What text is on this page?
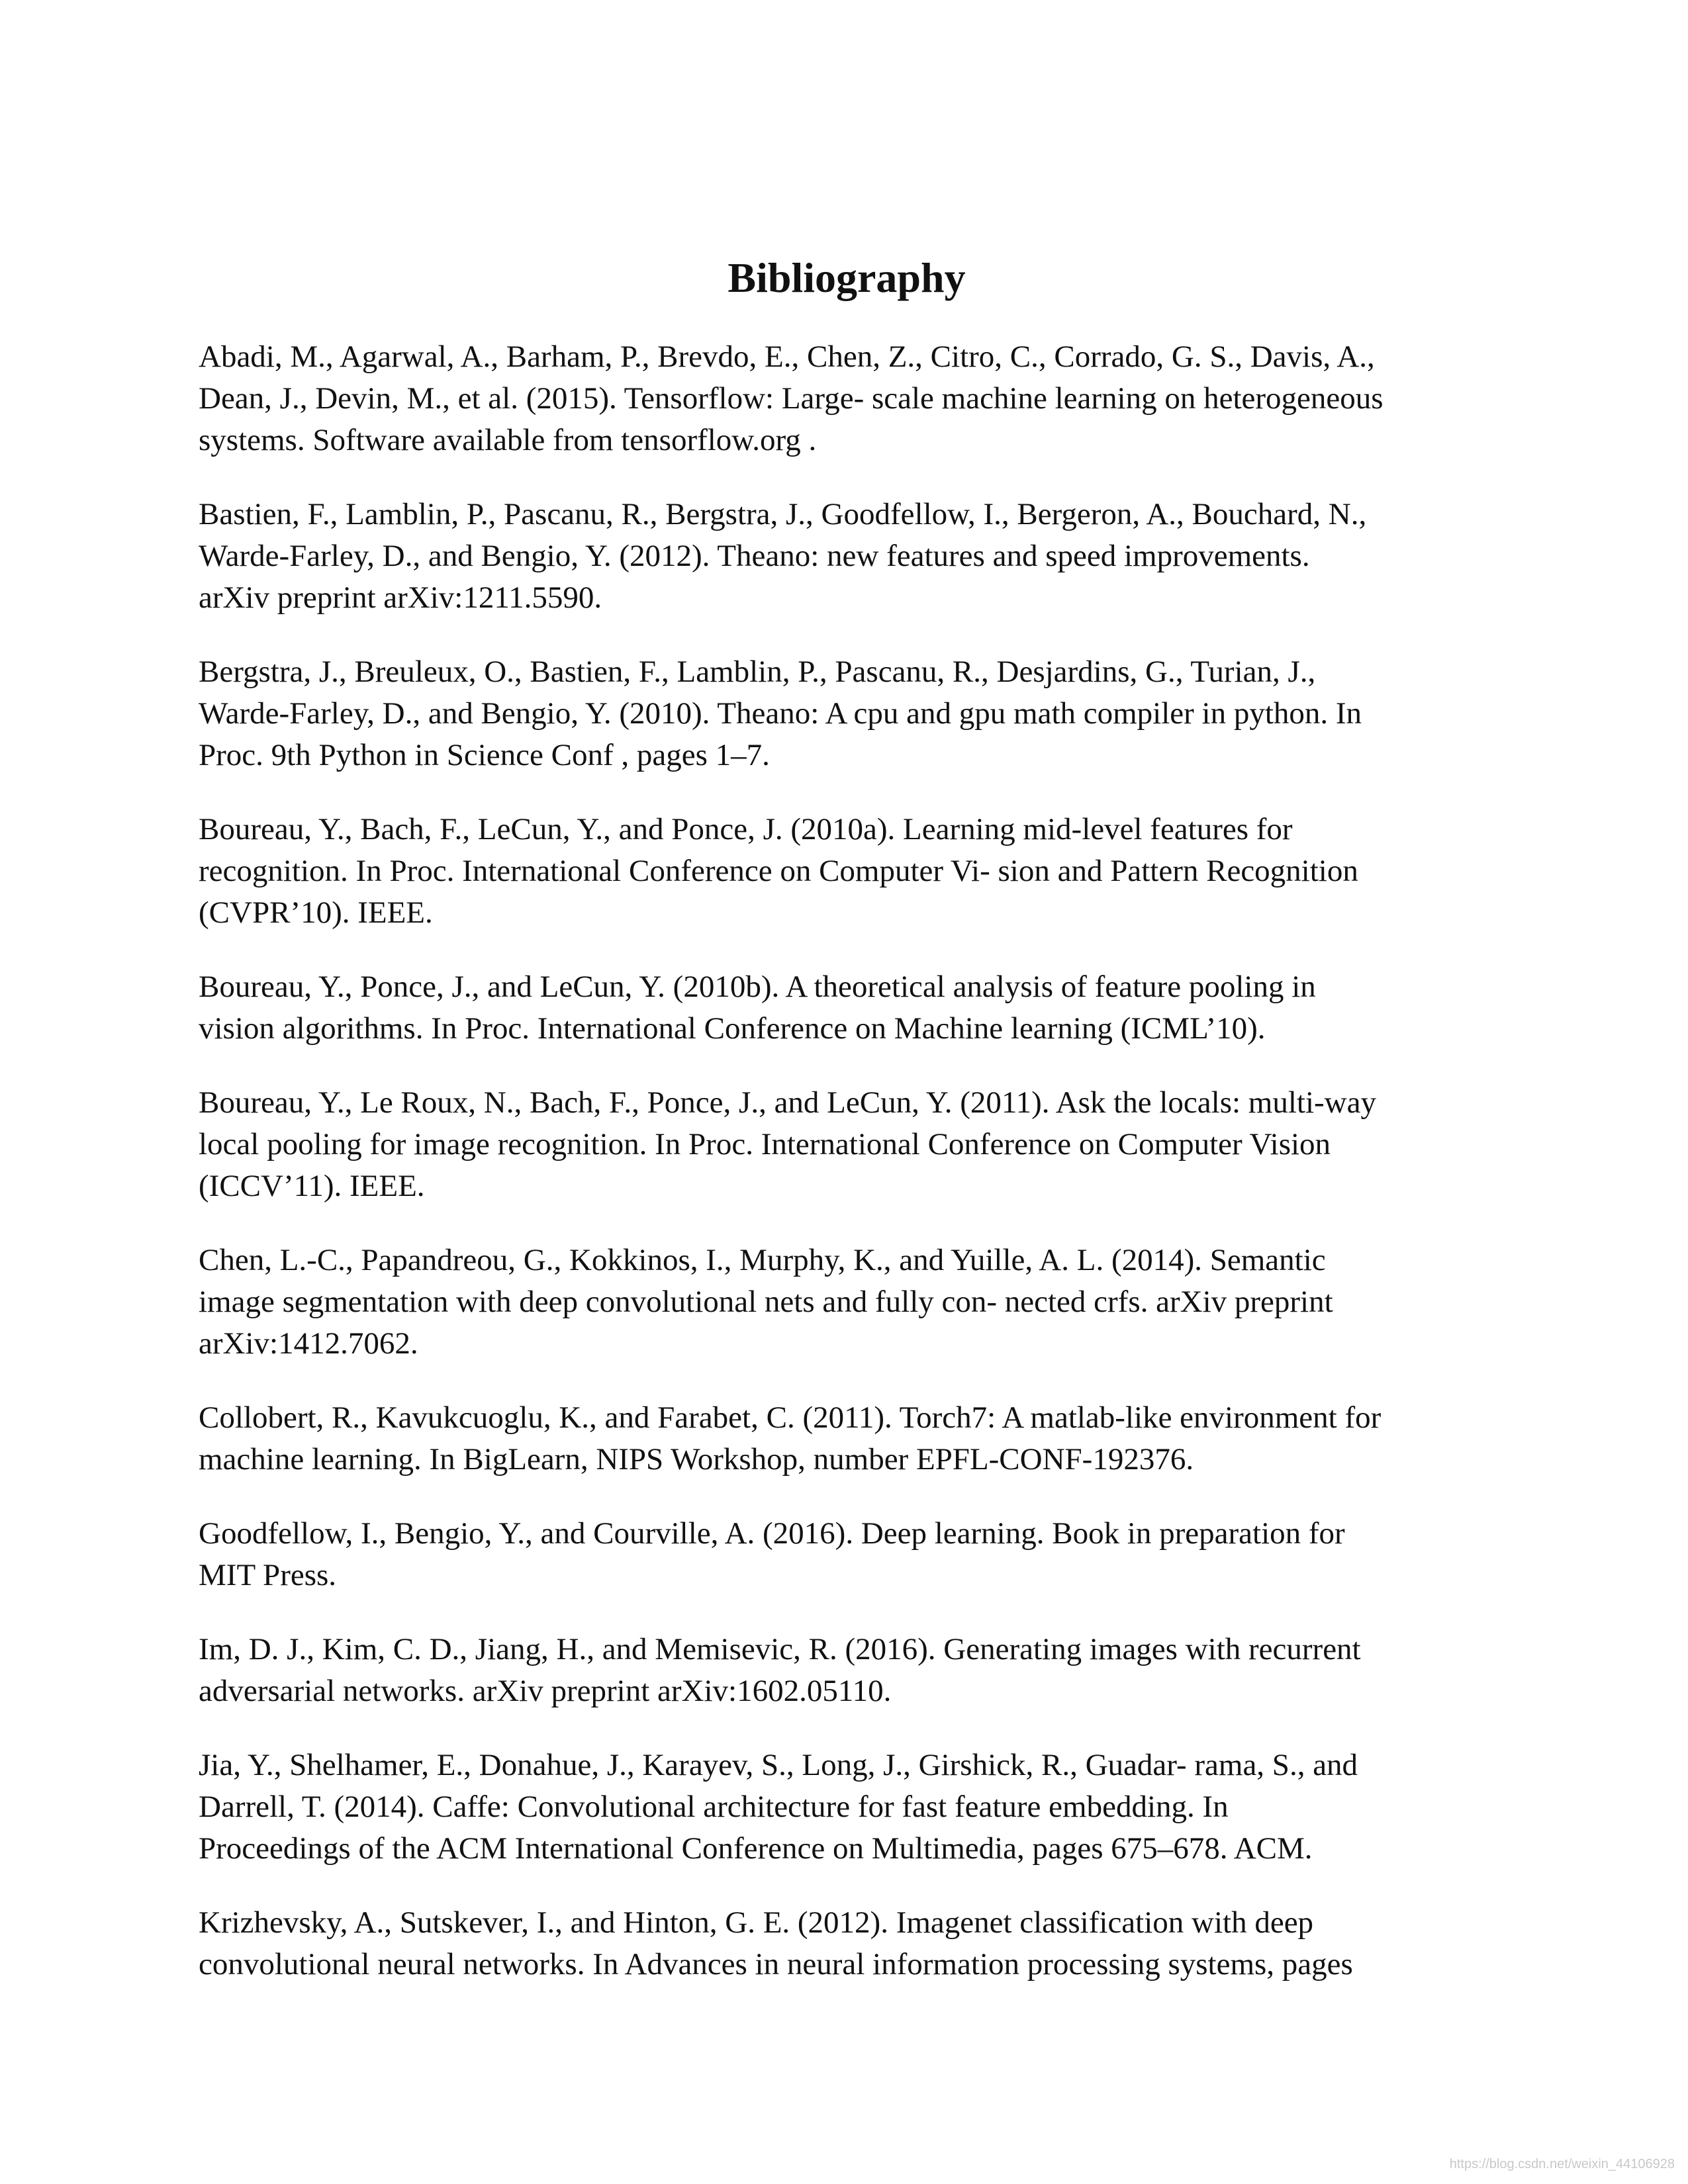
Bibliography
Abadi, M., Agarwal, A., Barham, P., Brevdo, E., Chen, Z., Citro, C., Corrado, G. S., Davis, A.,
Dean, J., Devin, M., et al. (2015). Tensorflow: Large- scale machine learning on heterogeneous
systems. Software available from tensorflow.org .
Bastien, F., Lamblin, P., Pascanu, R., Bergstra, J., Goodfellow, I., Bergeron, A., Bouchard, N.,
Warde-Farley, D., and Bengio, Y. (2012). Theano: new features and speed improvements.
arXiv preprint arXiv:1211.5590.
Bergstra, J., Breuleux, O., Bastien, F., Lamblin, P., Pascanu, R., Desjardins, G., Turian, J.,
Warde-Farley, D., and Bengio, Y. (2010). Theano: A cpu and gpu math compiler in python. In
Proc. 9th Python in Science Conf , pages 1–7.
Boureau, Y., Bach, F., LeCun, Y., and Ponce, J. (2010a). Learning mid-level features for
recognition. In Proc. International Conference on Computer Vi- sion and Pattern Recognition
(CVPR’10). IEEE.
Boureau, Y., Ponce, J., and LeCun, Y. (2010b). A theoretical analysis of feature pooling in
vision algorithms. In Proc. International Conference on Machine learning (ICML’10).
Boureau, Y., Le Roux, N., Bach, F., Ponce, J., and LeCun, Y. (2011). Ask the locals: multi-way
local pooling for image recognition. In Proc. International Conference on Computer Vision
(ICCV’11). IEEE.
Chen, L.-C., Papandreou, G., Kokkinos, I., Murphy, K., and Yuille, A. L. (2014). Semantic
image segmentation with deep convolutional nets and fully con- nected crfs. arXiv preprint
arXiv:1412.7062.
Collobert, R., Kavukcuoglu, K., and Farabet, C. (2011). Torch7: A matlab-like environment for
machine learning. In BigLearn, NIPS Workshop, number EPFL-CONF-192376.
Goodfellow, I., Bengio, Y., and Courville, A. (2016). Deep learning. Book in preparation for
MIT Press.
Im, D. J., Kim, C. D., Jiang, H., and Memisevic, R. (2016). Generating images with recurrent
adversarial networks. arXiv preprint arXiv:1602.05110.
Jia, Y., Shelhamer, E., Donahue, J., Karayev, S., Long, J., Girshick, R., Guadar- rama, S., and
Darrell, T. (2014). Caffe: Convolutional architecture for fast feature embedding. In
Proceedings of the ACM International Conference on Multimedia, pages 675–678. ACM.
Krizhevsky, A., Sutskever, I., and Hinton, G. E. (2012). Imagenet classification with deep
convolutional neural networks. In Advances in neural information processing systems, pages
https://blog.csdn.net/weixin_44106928
